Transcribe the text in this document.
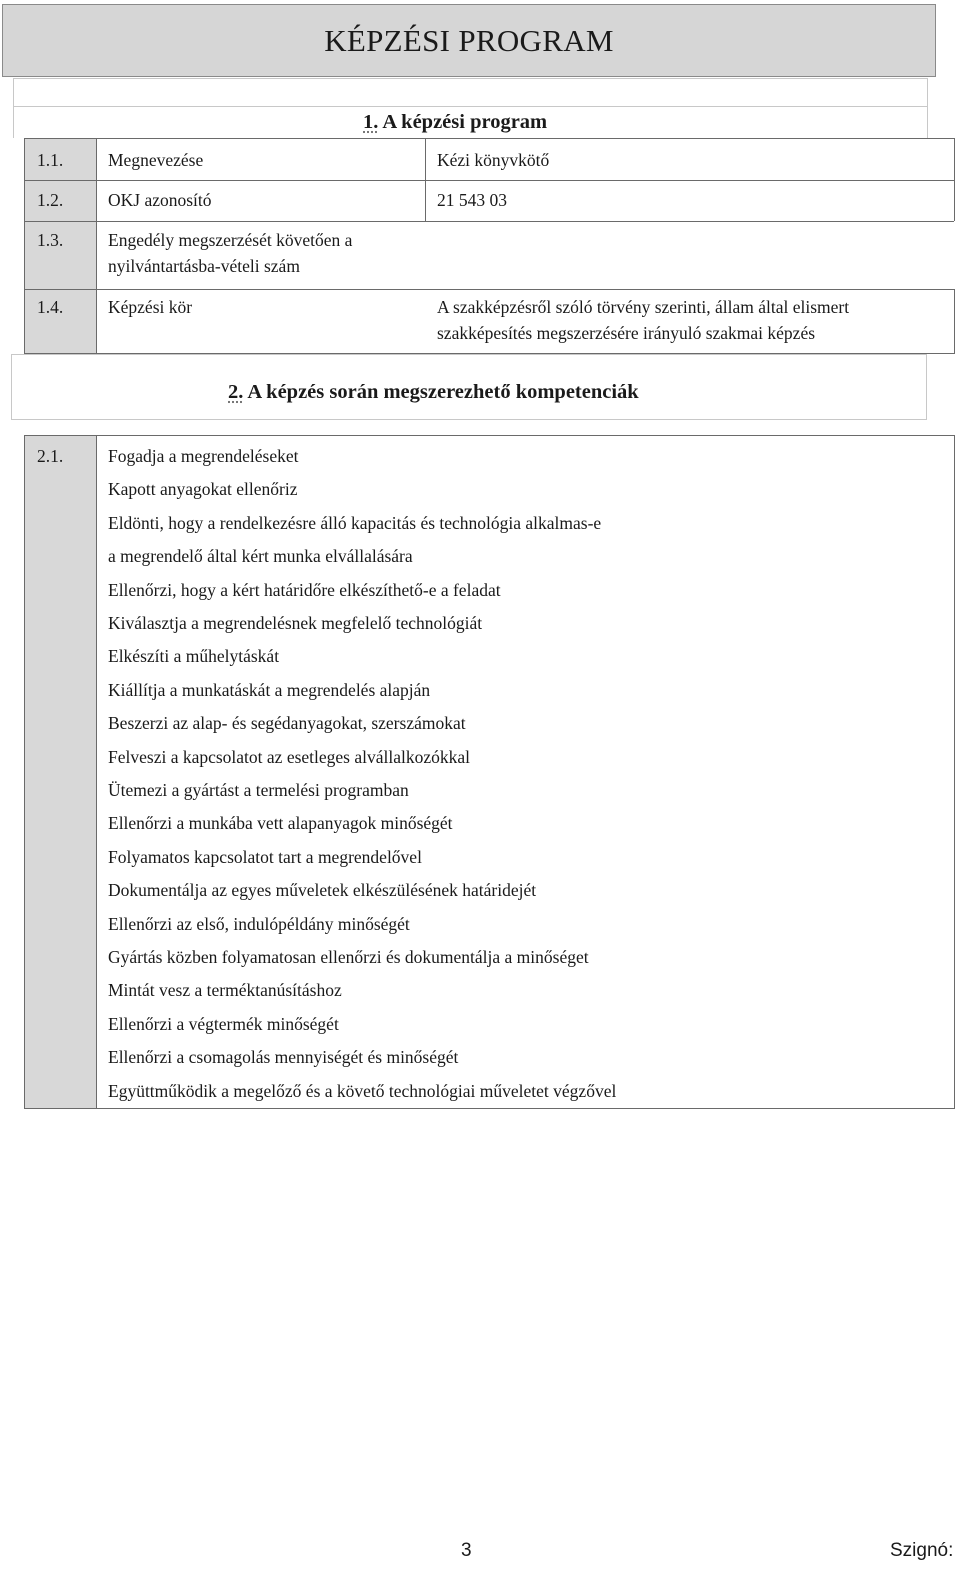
KÉPZÉSI PROGRAM
1. A képzési program
1.1.	Megnevezése	Kézi könyvkötő
1.2.	OKJ azonosító	21 543 03
1.3.	Engedély megszerzését követően a
nyilvántartásba-vételi szám
1.4.	Képzési kör	A szakképzésről szóló törvény szerinti, állam által elismert
szakképesítés megszerzésére irányuló szakmai képzés
2. A képzés során megszerezhető kompetenciák
2.1.	Fogadja a megrendeléseket
Kapott anyagokat ellenőriz
Eldönti, hogy a rendelkezésre álló kapacitás és technológia alkalmas-e
a megrendelő által kért munka elvállalására
Ellenőrzi, hogy a kért határidőre elkészíthető-e a feladat
Kiválasztja a megrendelésnek megfelelő technológiát
Elkészíti a műhelytáskát
Kiállítja a munkatáskát a megrendelés alapján
Beszerzi az alap- és segédanyagokat, szerszámokat
Felveszi a kapcsolatot az esetleges alvállalkozókkal
Ütemezi a gyártást a termelési programban
Ellenőrzi a munkába vett alapanyagok minőségét
Folyamatos kapcsolatot tart a megrendelővel
Dokumentálja az egyes műveletek elkészülésének határidejét
Ellenőrzi az első, indulópéldány minőségét
Gyártás közben folyamatosan ellenőrzi és dokumentálja a minőséget
Mintát vesz a terméktanúsításhoz
Ellenőrzi a végtermék minőségét
Ellenőrzi a csomagolás mennyiségét és minőségét
Együttműködik a megelőző és a követő technológiai műveletet végzővel
3	Szignó:
